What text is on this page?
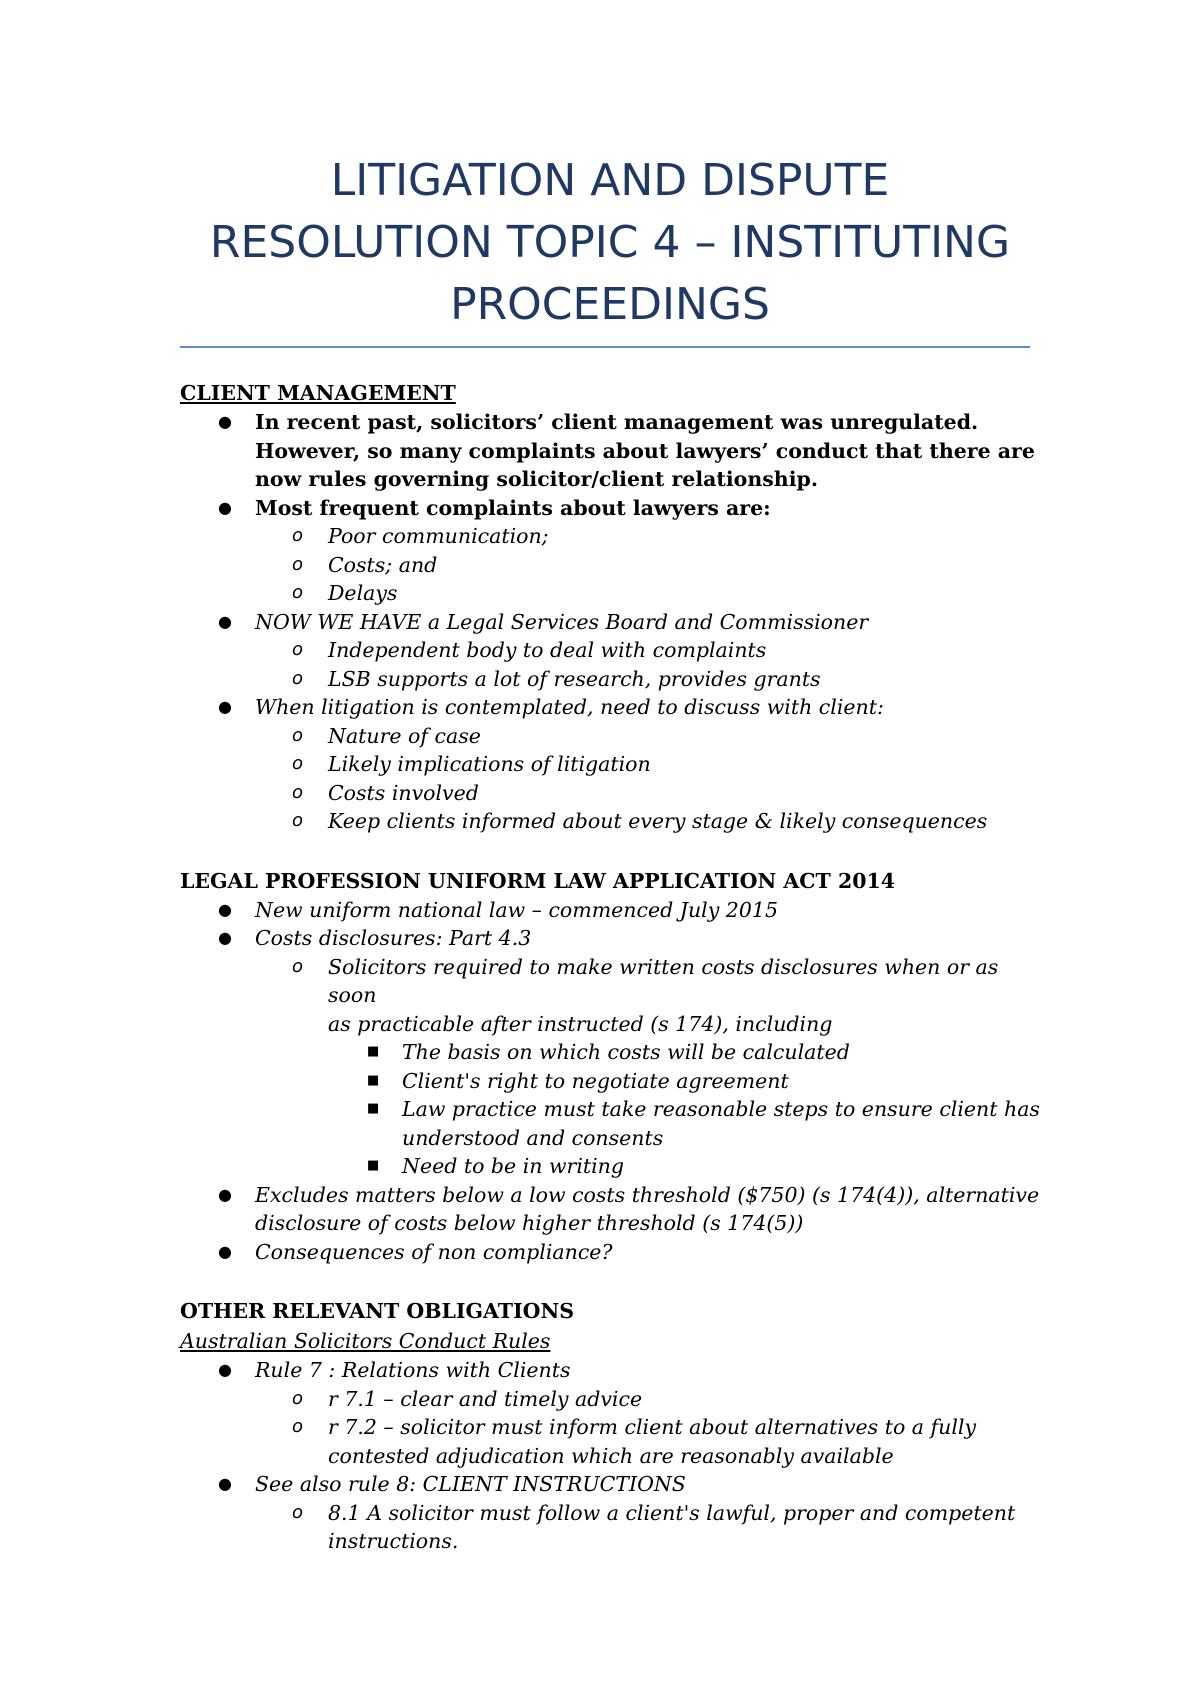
LITIGATION AND DISPUTE
RESOLUTION TOPIC 4 – INSTITUTING
PROCEEDINGS
CLIENT MANAGEMENT
● In recent past, solicitors’ client management was unregulated.
However, so many complaints about lawyers’ conduct that there are
now rules governing solicitor/client relationship.
● Most frequent complaints about lawyers are:
o Poor communication;
o Costs; and
o Delays
● NOW WE HAVE a Legal Services Board and Commissioner
o Independent body to deal with complaints
o LSB supports a lot of research, provides grants
● When litigation is contemplated, need to discuss with client:
o Nature of case
o Likely implications of litigation
o Costs involved
o Keep clients informed about every stage & likely consequences
LEGAL PROFESSION UNIFORM LAW APPLICATION ACT 2014
● New uniform national law – commenced July 2015
● Costs disclosures: Part 4.3
o Solicitors required to make written costs disclosures when or as soon
as practicable after instructed (s 174), including
■ The basis on which costs will be calculated
■ Client's right to negotiate agreement
■ Law practice must take reasonable steps to ensure client has
understood and consents
■ Need to be in writing
● Excludes matters below a low costs threshold ($750) (s 174(4)), alternative
disclosure of costs below higher threshold (s 174(5))
● Consequences of non compliance?
OTHER RELEVANT OBLIGATIONS
Australian Solicitors Conduct Rules
● Rule 7 : Relations with Clients
o r 7.1 – clear and timely advice
o r 7.2 – solicitor must inform client about alternatives to a fully
contested adjudication which are reasonably available
● See also rule 8: CLIENT INSTRUCTIONS
o 8.1 A solicitor must follow a client's lawful, proper and competent
instructions.
